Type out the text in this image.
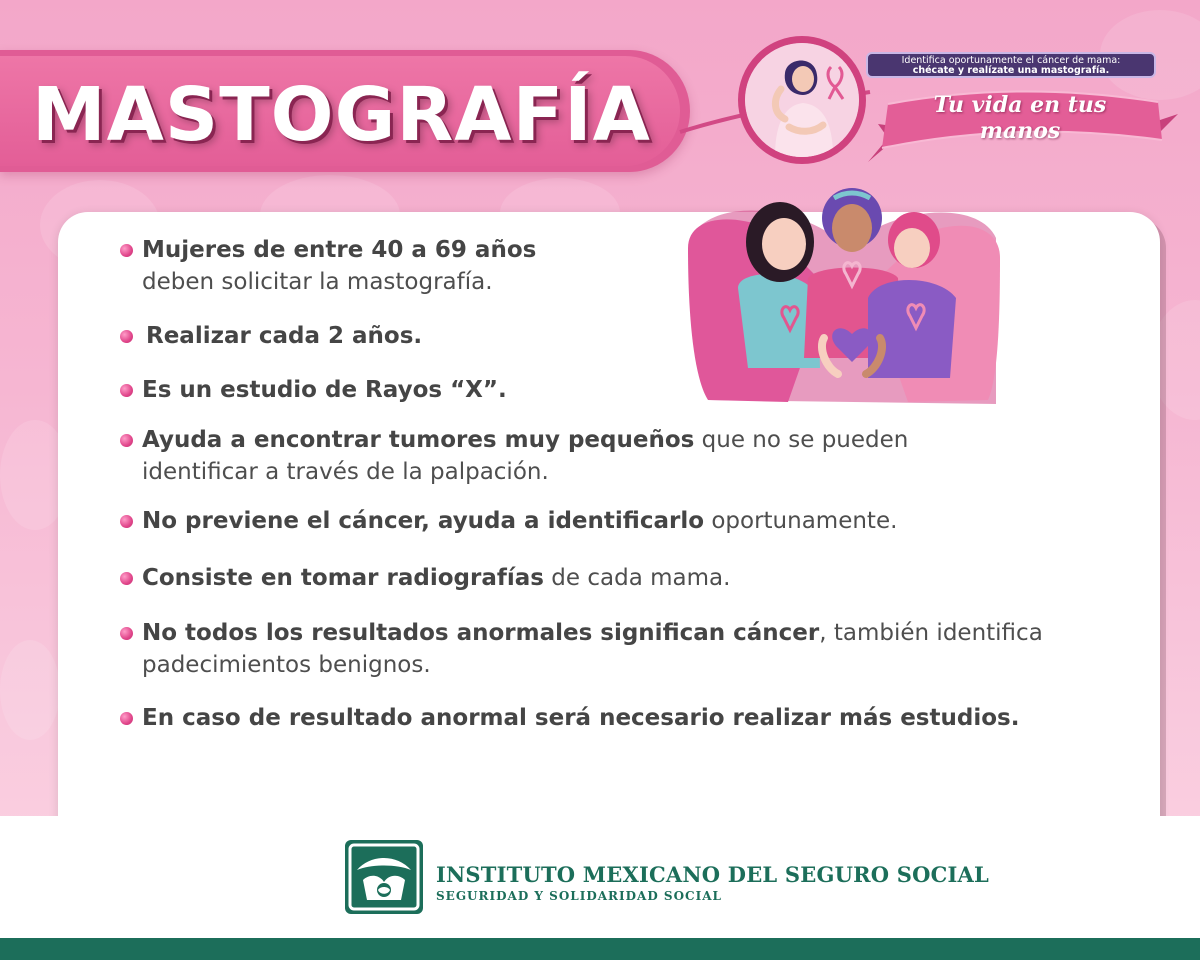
MASTOGRAFÍA
Identifica oportunamente el cáncer de mama:
chécate y realízate una mastografía.
Tu vida en tus manos
Mujeres de entre 40 a 69 años
deben solicitar la mastografía.
Realizar cada 2 años.
Es un estudio de Rayos “X”.
Ayuda a encontrar tumores muy pequeños que no se pueden
identificar a través de la palpación.
No previene el cáncer, ayuda a identificarlo oportunamente.
Consiste en tomar radiografías de cada mama.
No todos los resultados anormales significan cáncer, también identifica
padecimientos benignos.
En caso de resultado anormal será necesario realizar más estudios.
INSTITUTO MEXICANO DEL SEGURO SOCIAL
SEGURIDAD Y SOLIDARIDAD SOCIAL
